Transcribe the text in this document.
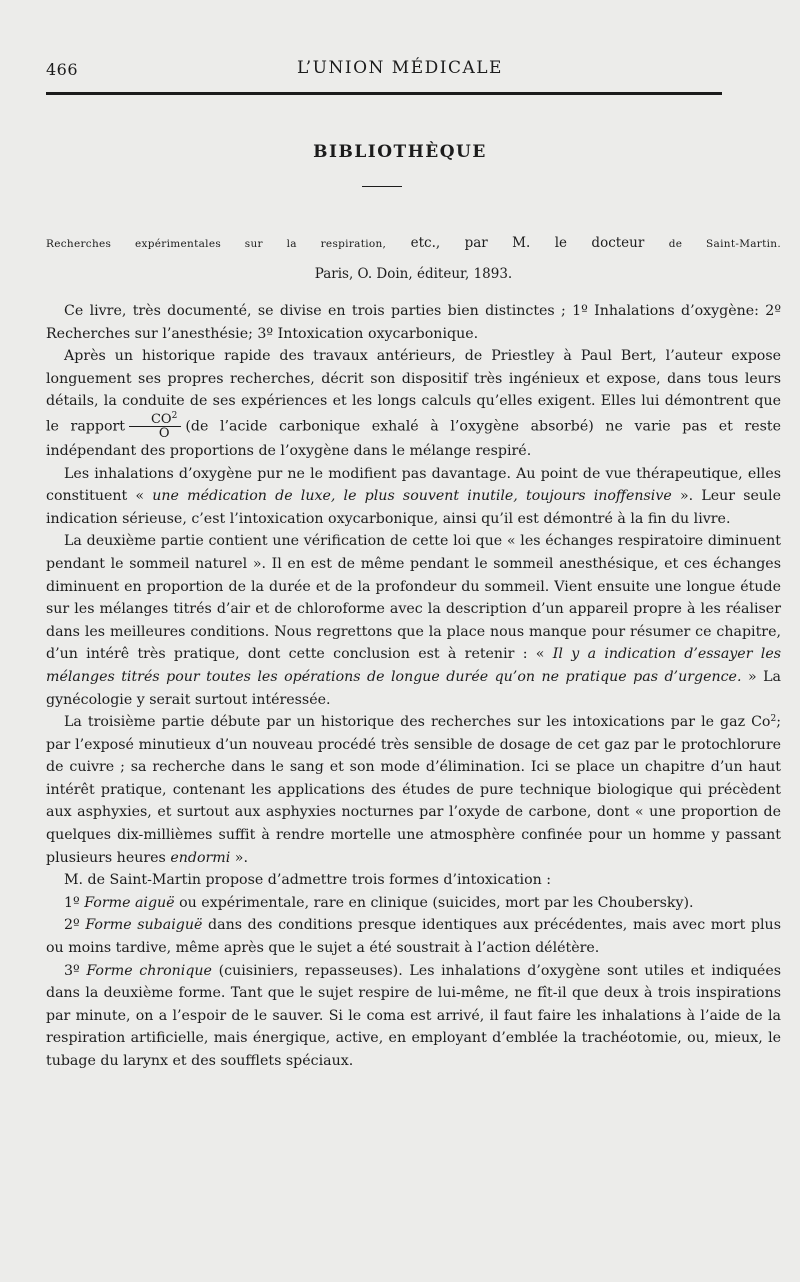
466	L’UNION MÉDICALE
BIBLIOTHÈQUE
Recherches expérimentales sur la respiration, etc., par M. le docteur de Saint-Martin.
Paris, O. Doin, éditeur, 1893.

Ce livre, très documenté, se divise en trois parties bien distinctes ; 1º Inhalations d’oxygène: 2º Recherches sur l’anesthésie; 3º Intoxication oxycarbonique.

Après un historique rapide des travaux antérieurs, de Priestley à Paul Bert, l’auteur expose longuement ses propres recherches, décrit son dispositif très ingénieux et expose, dans tous leurs détails, la conduite de ses expériences et les longs calculs qu’elles exigent. Elles lui démontrent que le rapport $\frac{CO^2}{O} (de$ l’acide carbonique exhalé à l’oxygène absorbé) ne varie pas et reste indépendant des proportions de l’oxygène dans le mélange respiré.

Les inhalations d’oxygène pur ne le modifient pas davantage. Au point de vue thérapeutique, elles constituent « une médication de luxe, le plus souvent inutile, toujours inoffensive ». Leur seule indication sérieuse, c’est l’intoxication oxycarbonique, ainsi qu’il est démontré à la fin du livre.

La deuxième partie contient une vérification de cette loi que « les échanges respiratoire diminuent pendant le sommeil naturel ». Il en est de même pendant le sommeil anesthésique, et ces échanges diminuent en proportion de la durée et de la profondeur du sommeil. Vient ensuite une longue étude sur les mélanges titrés d’air et de chloroforme avec la description d’un appareil propre à les réaliser dans les meilleures conditions. Nous regrettons que la place nous manque pour résumer ce chapitre, d’un intérê très pratique, dont cette conclusion est à retenir : « Il y a indication d’essayer les mélanges titrés pour toutes les opérations de longue durée qu’on ne pratique pas d’urgence. » La gynécologie y serait surtout intéressée.

La troisième partie débute par un historique des recherches sur les intoxications par le gaz Co$^2$; par l’exposé minutieux d’un nouveau procédé très sensible de dosage de cet gaz par le protochlorure de cuivre ; sa recherche dans le sang et son mode d’élimination. Ici se place un chapitre d’un haut intérêt pratique, contenant les applications des études de pure technique biologique qui précèdent aux asphyxies, et surtout aux asphyxies nocturnes par l’oxyde de carbone, dont « une proportion de quelques dix-millièmes suffit à rendre mortelle une atmosphère confinée pour un homme y passant plusieurs heures endormi ».

M. de Saint-Martin propose d’admettre trois formes d’intoxication :

1º Forme aiguë ou expérimentale, rare en clinique (suicides, mort par les Choubersky).

2º Forme subaiguë dans des conditions presque identiques aux précédentes, mais avec mort plus ou moins tardive, même après que le sujet a été soustrait à l’action délétère.

3º Forme chronique (cuisiniers, repasseuses). Les inhalations d’oxygène sont utiles et indiquées dans la deuxième forme. Tant que le sujet respire de lui-même, ne fît-il que deux à trois inspirations par minute, on a l’espoir de le sauver. Si le coma est arrivé, il faut faire les inhalations à l’aide de la respiration artificielle, mais énergique, active, en employant d’emblée la trachéotomie, ou, mieux, le tubage du larynx et des soufflets spéciaux.
